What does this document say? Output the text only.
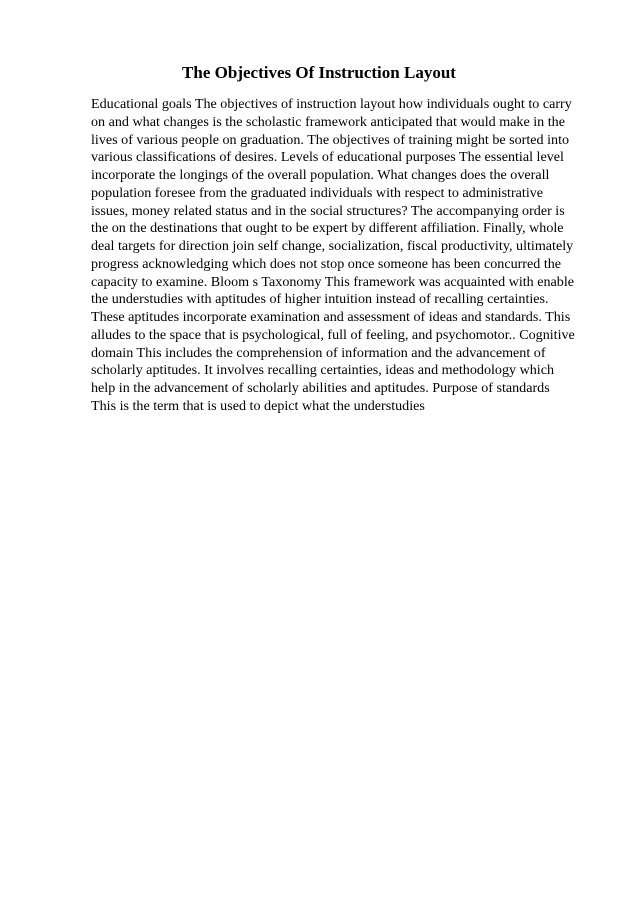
The Objectives Of Instruction Layout
Educational goals The objectives of instruction layout how individuals ought to carry
on and what changes is the scholastic framework anticipated that would make in the
lives of various people on graduation. The objectives of training might be sorted into
various classifications of desires. Levels of educational purposes The essential level
incorporate the longings of the overall population. What changes does the overall
population foresee from the graduated individuals with respect to administrative
issues, money related status and in the social structures? The accompanying order is
the on the destinations that ought to be expert by different affiliation. Finally, whole
deal targets for direction join self change, socialization, fiscal productivity, ultimately
progress acknowledging which does not stop once someone has been concurred the
capacity to examine. Bloom s Taxonomy This framework was acquainted with enable
the understudies with aptitudes of higher intuition instead of recalling certainties.
These aptitudes incorporate examination and assessment of ideas and standards. This
alludes to the space that is psychological, full of feeling, and psychomotor.. Cognitive
domain This includes the comprehension of information and the advancement of
scholarly aptitudes. It involves recalling certainties, ideas and methodology which
help in the advancement of scholarly abilities and aptitudes. Purpose of standards
This is the term that is used to depict what the understudies
